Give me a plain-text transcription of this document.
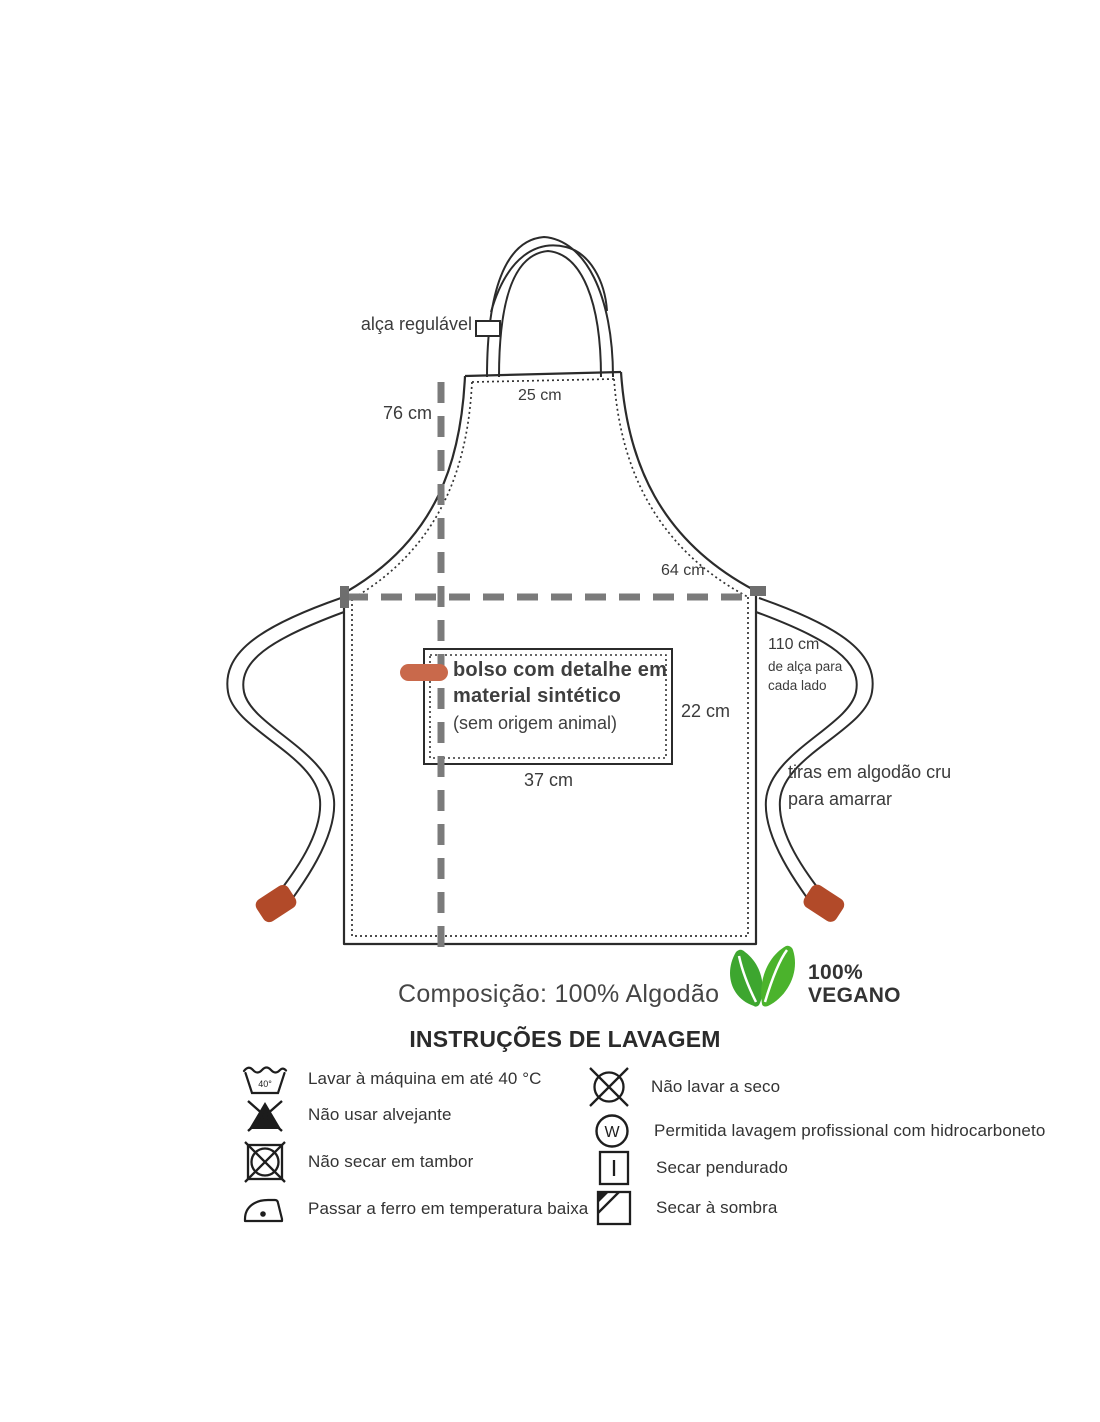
alça regulável
25 cm
76 cm
64 cm
110 cm
de alça para
cada lado
22 cm
37 cm	tiras em algodão cru
para amarrar
bolso com detalhe em
material sintético
(sem origem animal)
Composição: 100% Algodão
100%
VEGANO
INSTRUÇÕES DE LAVAGEM
40° Lavar à máquina em até 40 °C
Não usar alvejante
Não secar em tambor
Passar a ferro em temperatura baixa
Não lavar a seco
W Permitida lavagem profissional com hidrocarboneto
Secar pendurado
Secar à sombra
